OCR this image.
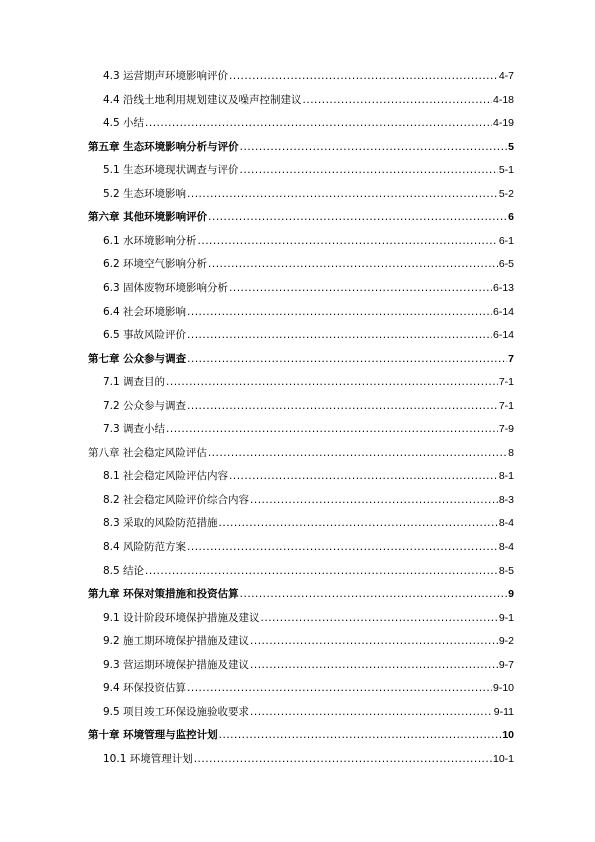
4.3 运营期声环境影响评价 .....	4-7
4.4 沿线土地利用规划建议及噪声控制建议 .....	4-18
4.5 小结 .....	4-19
第五章 生态环境影响分析与评价 .....	5
5.1 生态环境现状调查与评价 .....	5-1
5.2 生态环境影响 .....	5-2
第六章 其他环境影响评价 .....	6
6.1 水环境影响分析 .....	6-1
6.2 环境空气影响分析 .....	6-5
6.3 固体废物环境影响分析 .....	6-13
6.4 社会环境影响 .....	6-14
6.5 事故风险评价 .....	6-14
第七章 公众参与调查 .....	7
7.1 调查目的 .....	7-1
7.2 公众参与调查 .....	7-1
7.3 调查小结 .....	7-9
第八章 社会稳定风险评估 .....	8
8.1 社会稳定风险评估内容 .....	8-1
8.2 社会稳定风险评价综合内容 .....	8-3
8.3 采取的风险防范措施 .....	8-4
8.4 风险防范方案 .....	8-4
8.5 结论 .....	8-5
第九章 环保对策措施和投资估算 .....	9
9.1 设计阶段环境保护措施及建议 .....	9-1
9.2 施工期环境保护措施及建议 .....	9-2
9.3 营运期环境保护措施及建议 .....	9-7
9.4 环保投资估算 .....	9-10
9.5 项目竣工环保设施验收要求 .....	9-11
第十章 环境管理与监控计划 .....	10
10.1 环境管理计划 .....	10-1
